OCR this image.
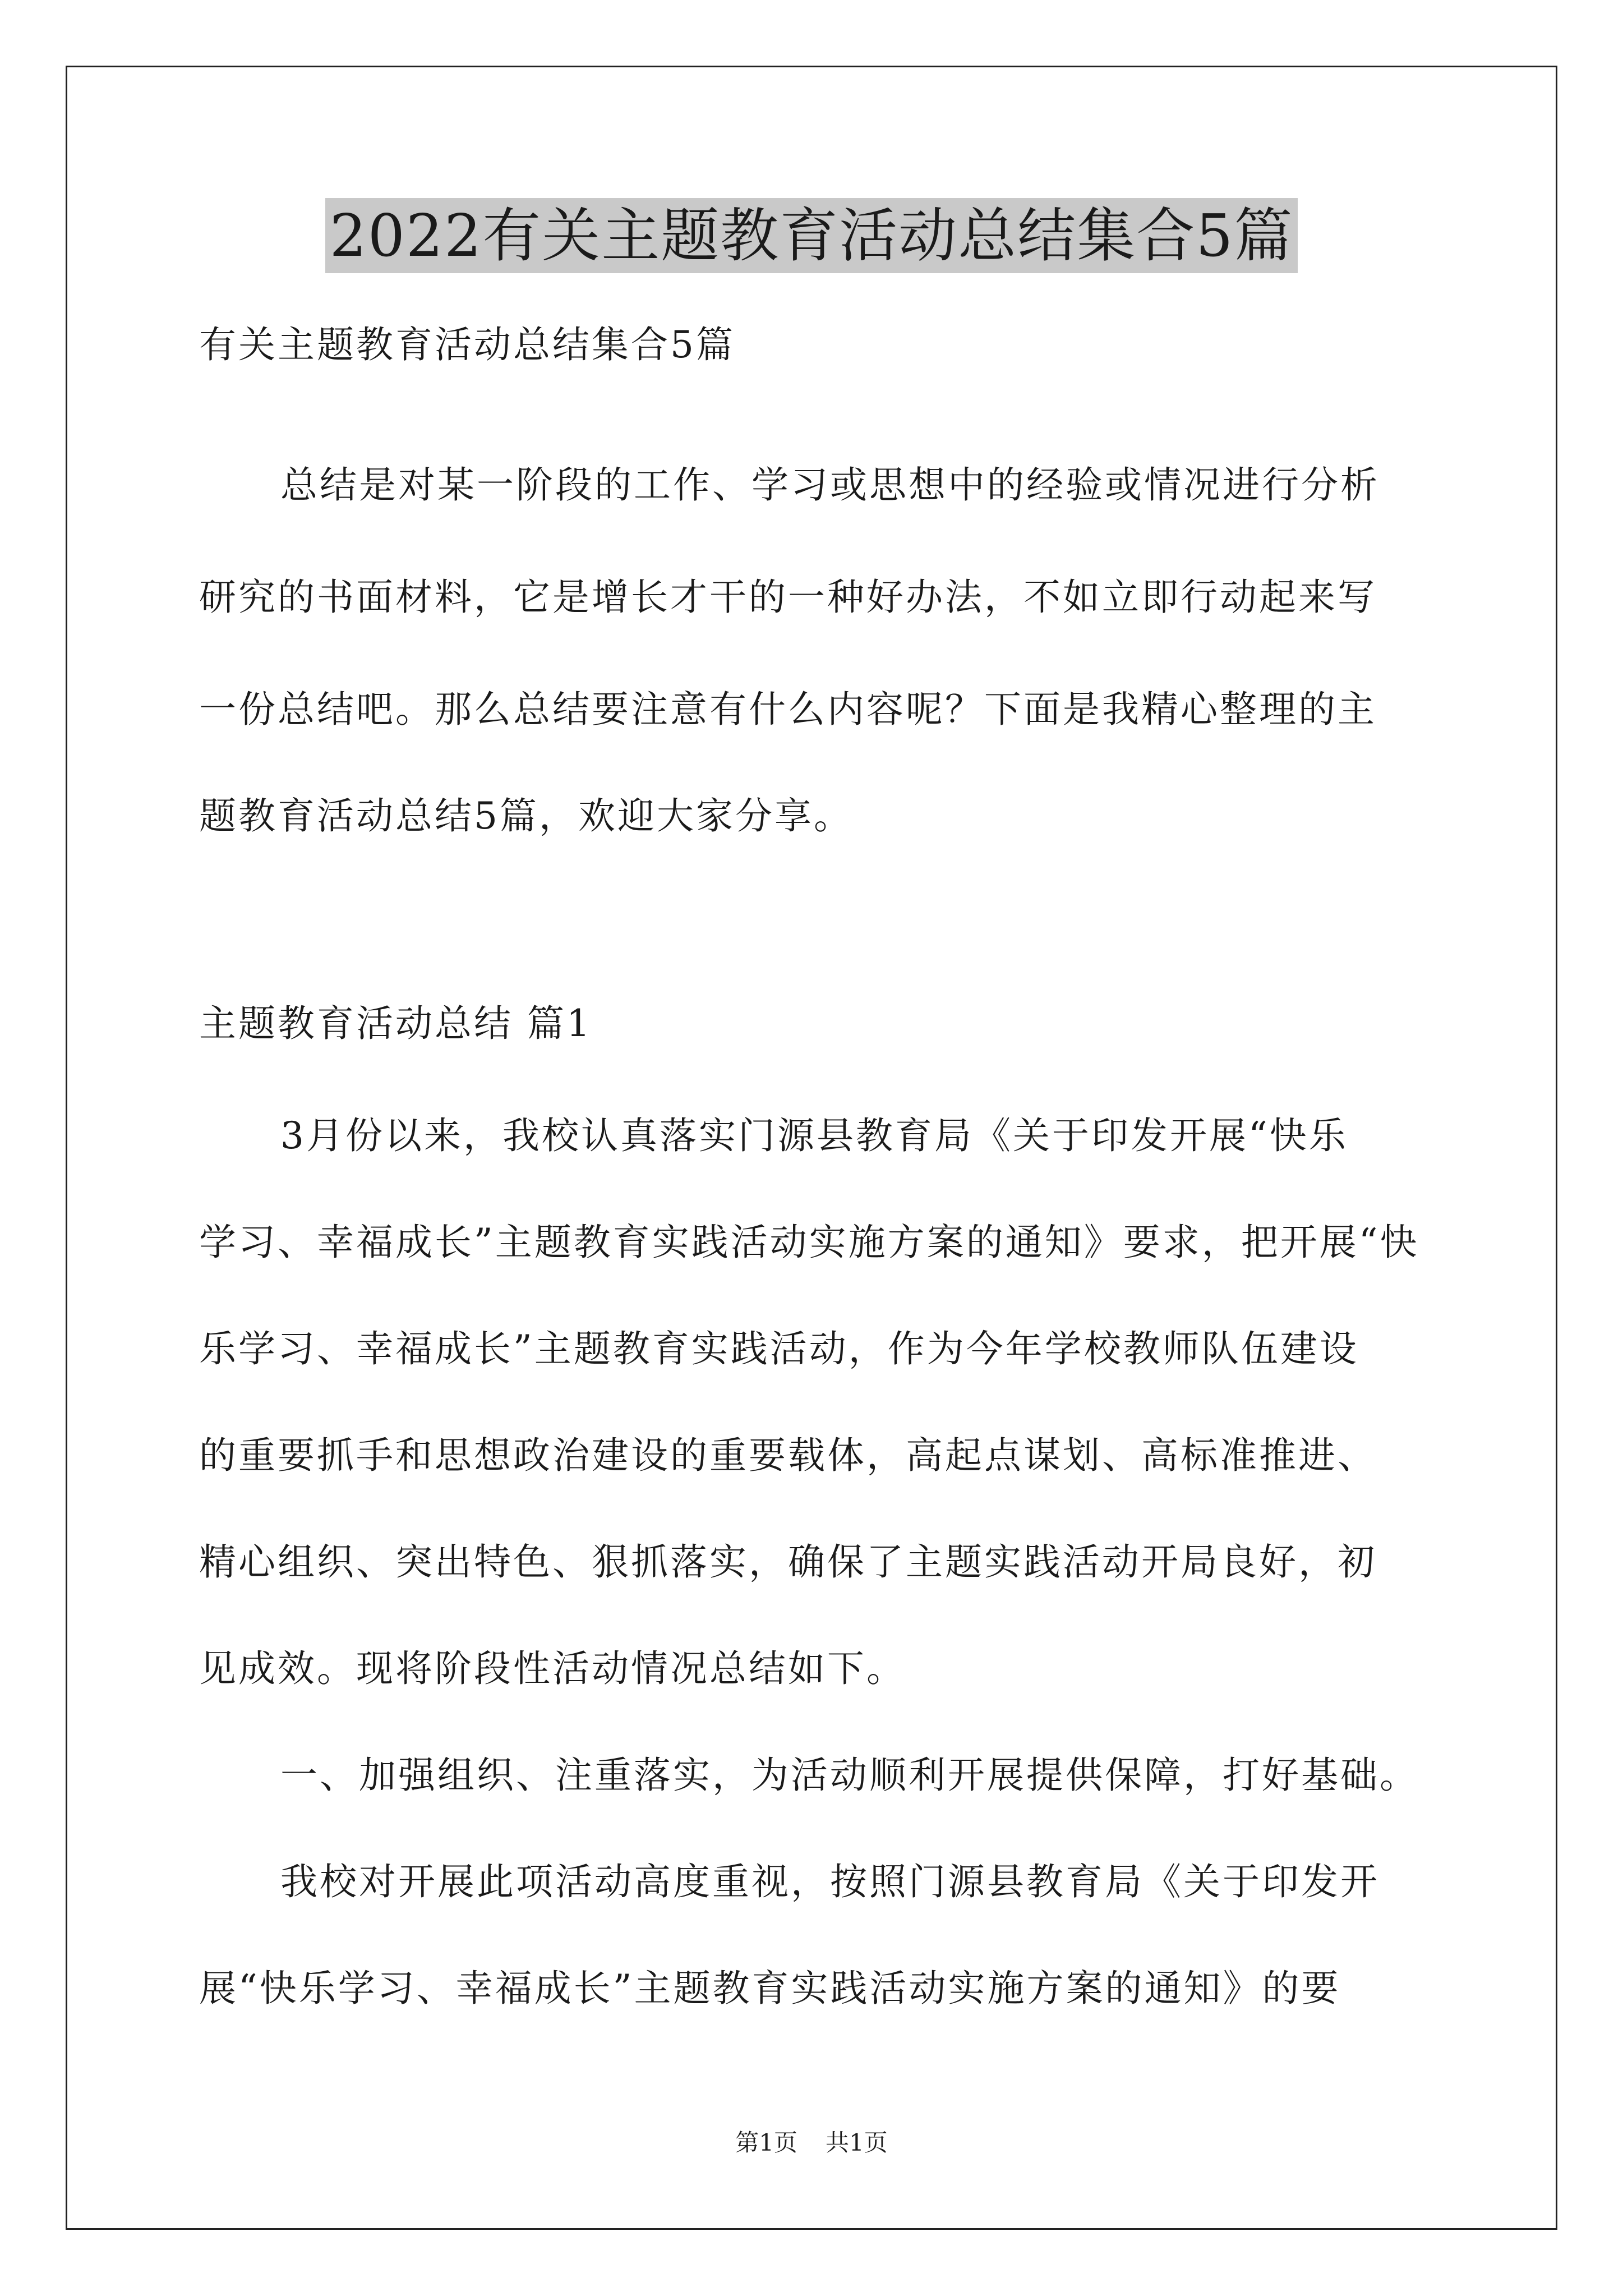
2022有关主题教育活动总结集合5篇
有关主题教育活动总结集合5篇
总结是对某一阶段的工作、学习或思想中的经验或情况进行分析
研究的书面材料，它是增长才干的一种好办法，不如立即行动起来写
一份总结吧。那么总结要注意有什么内容呢？下面是我精心整理的主
题教育活动总结5篇，欢迎大家分享。
主题教育活动总结 篇1
3月份以来，我校认真落实门源县教育局《关于印发开展“快乐
学习、幸福成长”主题教育实践活动实施方案的通知》要求，把开展“快
乐学习、幸福成长”主题教育实践活动，作为今年学校教师队伍建设
的重要抓手和思想政治建设的重要载体，高起点谋划、高标准推进、
精心组织、突出特色、狠抓落实，确保了主题实践活动开局良好，初
见成效。现将阶段性活动情况总结如下。
一、加强组织、注重落实，为活动顺利开展提供保障，打好基础。
我校对开展此项活动高度重视，按照门源县教育局《关于印发开
展“快乐学习、幸福成长”主题教育实践活动实施方案的通知》的要
第1页 共1页
